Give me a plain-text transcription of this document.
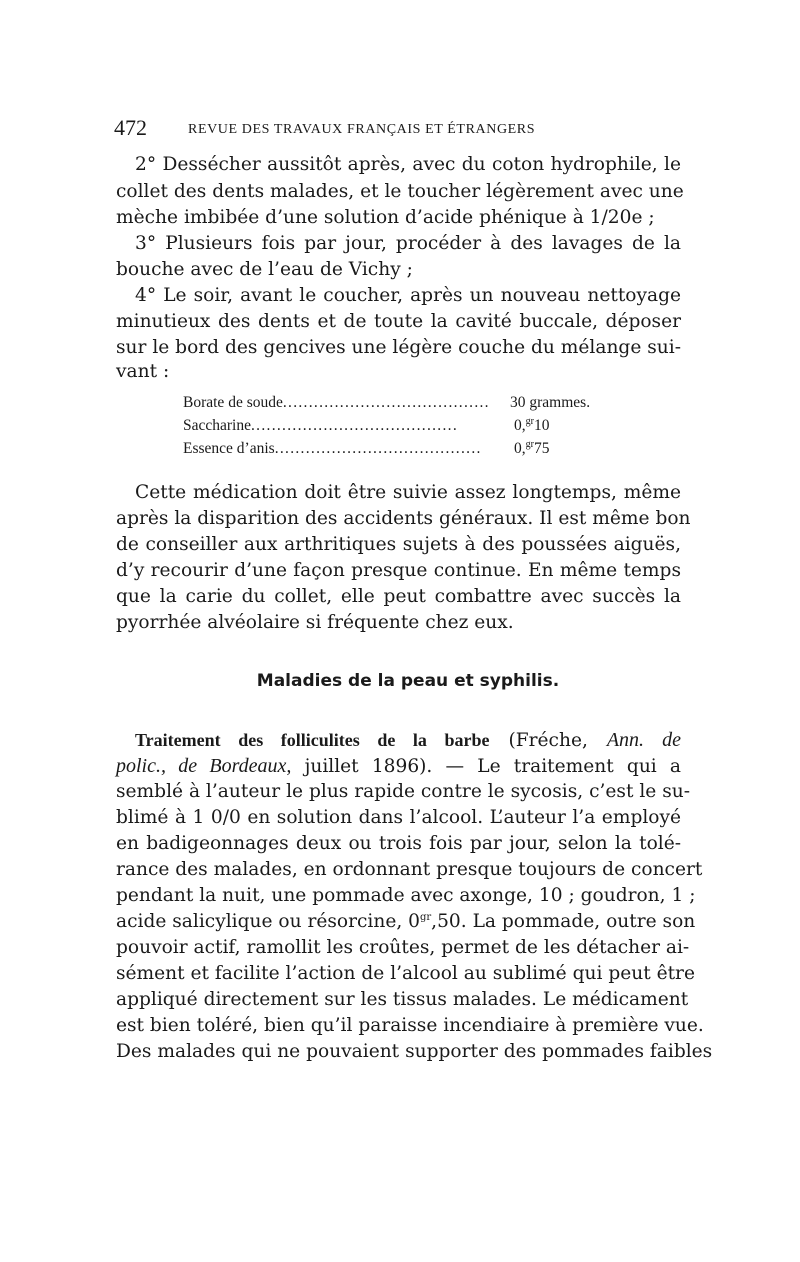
472	REVUE DES TRAVAUX FRANÇAIS ET ÉTRANGERS
2° Dessécher aussitôt après, avec du coton hydrophile, le
collet des dents malades, et le toucher légèrement avec une
mèche imbibée d’une solution d’acide phénique à 1/20e ;
3° Plusieurs fois par jour, procéder à des lavages de la
bouche avec de l’eau de Vichy ;
4° Le soir, avant le coucher, après un nouveau nettoyage
minutieux des dents et de toute la cavité buccale, déposer
sur le bord des gencives une légère couche du mélange sui-
vant :
Borate de soude........................................	30 grammes.
Saccharine........................................	0,$^{gr}$10
Essence d’anis........................................ 0,$^{gr}$75
Cette médication doit être suivie assez longtemps, même
après la disparition des accidents généraux. Il est même bon
de conseiller aux arthritiques sujets à des poussées aiguës,
d’y recourir d’une façon presque continue. En même temps
que la carie du collet, elle peut combattre avec succès la
pyorrhée alvéolaire si fréquente chez eux.
Maladies de la peau et syphilis.
Traitement des folliculites de la barbe (Fréche, Ann. de
polic., de Bordeaux, juillet 1896). — Le traitement qui a
semblé à l’auteur le plus rapide contre le sycosis, c’est le su-
blimé à 1 0/0 en solution dans l’alcool. L’auteur l’a employé
en badigeonnages deux ou trois fois par jour, selon la tolé-
rance des malades, en ordonnant presque toujours de concert
pendant la nuit, une pommade avec axonge, 10 ; goudron, 1 ;
acide salicylique ou résorcine, $0^{gr},50$. La pommade, outre son
pouvoir actif, ramollit les croûtes, permet de les détacher ai-
sément et facilite l’action de l’alcool au sublimé qui peut être
appliqué directement sur les tissus malades. Le médicament
est bien toléré, bien qu’il paraisse incendiaire à première vue.
Des malades qui ne pouvaient supporter des pommades faibles
